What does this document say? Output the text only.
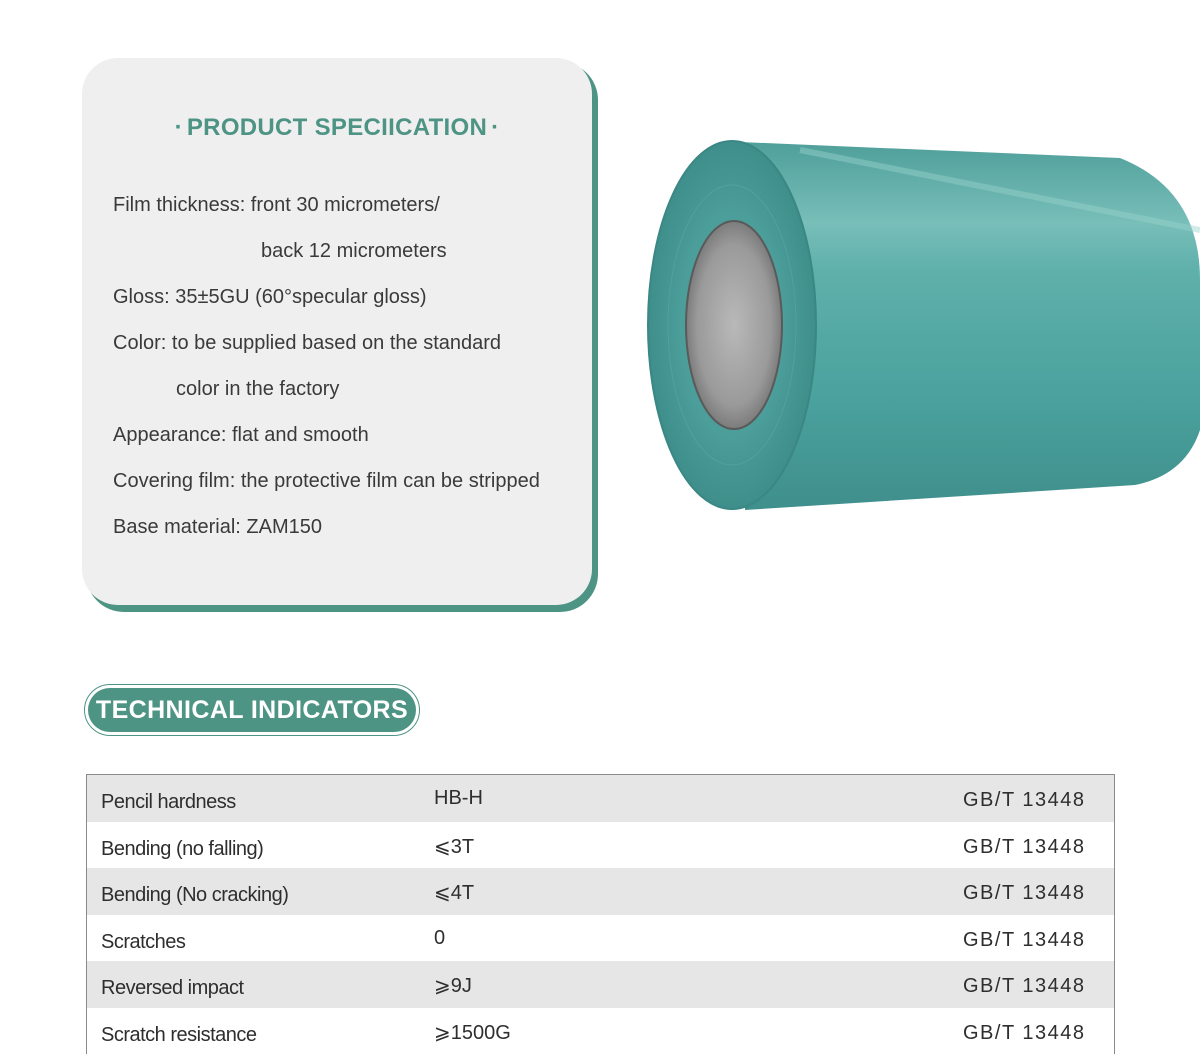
· PRODUCT SPECIICATION ·
Film thickness: front 30 micrometers/
back 12 micrometers
Gloss: 35±5GU (60°specular gloss)
Color: to be supplied based on the standard
color in the factory
Appearance: flat and smooth
Covering film: the protective film can be stripped
Base material: ZAM150
TECHNICAL INDICATORS
Pencil hardness	HB-H	GB/T 13448
Bending (no falling)	⩽3T	GB/T 13448
Bending (No cracking)	⩽4T	GB/T 13448
Scratches	0	GB/T 13448
Reversed impact	⩾9J	GB/T 13448
Scratch resistance	⩾1500G	GB/T 13448
